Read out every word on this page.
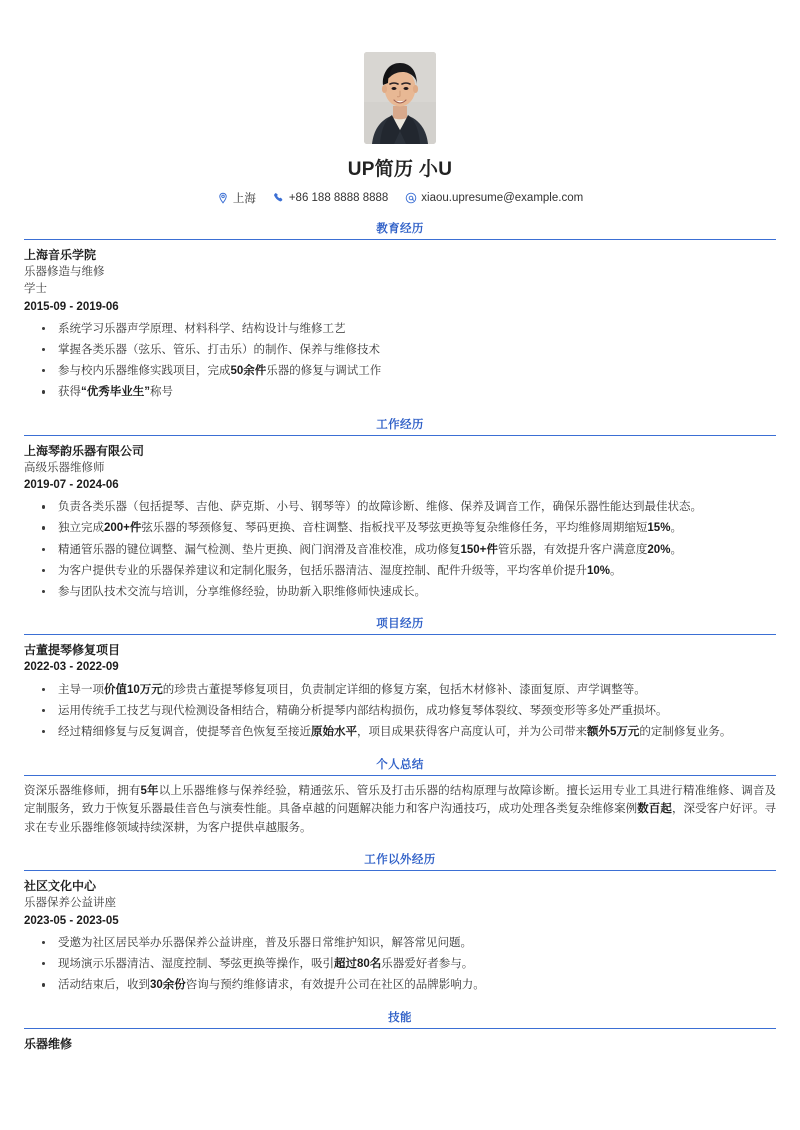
UP简历 小U
上海	+86 188 8888 8888	xiaou.upresume@example.com
教育经历
上海音乐学院
乐器修造与维修
学士
2015-09 - 2019-06
系统学习乐器声学原理、材料科学、结构设计与维修工艺
掌握各类乐器（弦乐、管乐、打击乐）的制作、保养与维修技术
参与校内乐器维修实践项目，完成50余件乐器的修复与调试工作
获得“优秀毕业生”称号
工作经历
上海琴韵乐器有限公司
高级乐器维修师
2019-07 - 2024-06
负责各类乐器（包括提琴、吉他、萨克斯、小号、钢琴等）的故障诊断、维修、保养及调音工作，确保乐器性能达到最佳状态。
独立完成200+件弦乐器的琴颈修复、琴码更换、音柱调整、指板找平及琴弦更换等复杂维修任务，平均维修周期缩短15%。
精通管乐器的键位调整、漏气检测、垫片更换、阀门润滑及音准校准，成功修复150+件管乐器，有效提升客户满意度20%。
为客户提供专业的乐器保养建议和定制化服务，包括乐器清洁、湿度控制、配件升级等，平均客单价提升10%。
参与团队技术交流与培训，分享维修经验，协助新入职维修师快速成长。
项目经历
古董提琴修复项目
2022-03 - 2022-09
主导一项价值10万元的珍贵古董提琴修复项目，负责制定详细的修复方案，包括木材修补、漆面复原、声学调整等。
运用传统手工技艺与现代检测设备相结合，精确分析提琴内部结构损伤，成功修复琴体裂纹、琴颈变形等多处严重损坏。
经过精细修复与反复调音，使提琴音色恢复至接近原始水平，项目成果获得客户高度认可，并为公司带来额外5万元的定制修复业务。
个人总结
资深乐器维修师，拥有5年以上乐器维修与保养经验，精通弦乐、管乐及打击乐器的结构原理与故障诊断。擅长运用专业工具进行精准维修、调音及定制服务，致力于恢复乐器最佳音色与演奏性能。具备卓越的问题解决能力和客户沟通技巧，成功处理各类复杂维修案例数百起，深受客户好评。寻求在专业乐器维修领域持续深耕，为客户提供卓越服务。
工作以外经历
社区文化中心
乐器保养公益讲座
2023-05 - 2023-05
受邀为社区居民举办乐器保养公益讲座，普及乐器日常维护知识，解答常见问题。
现场演示乐器清洁、湿度控制、琴弦更换等操作，吸引超过80名乐器爱好者参与。
活动结束后，收到30余份咨询与预约维修请求，有效提升公司在社区的品牌影响力。
技能
乐器维修
